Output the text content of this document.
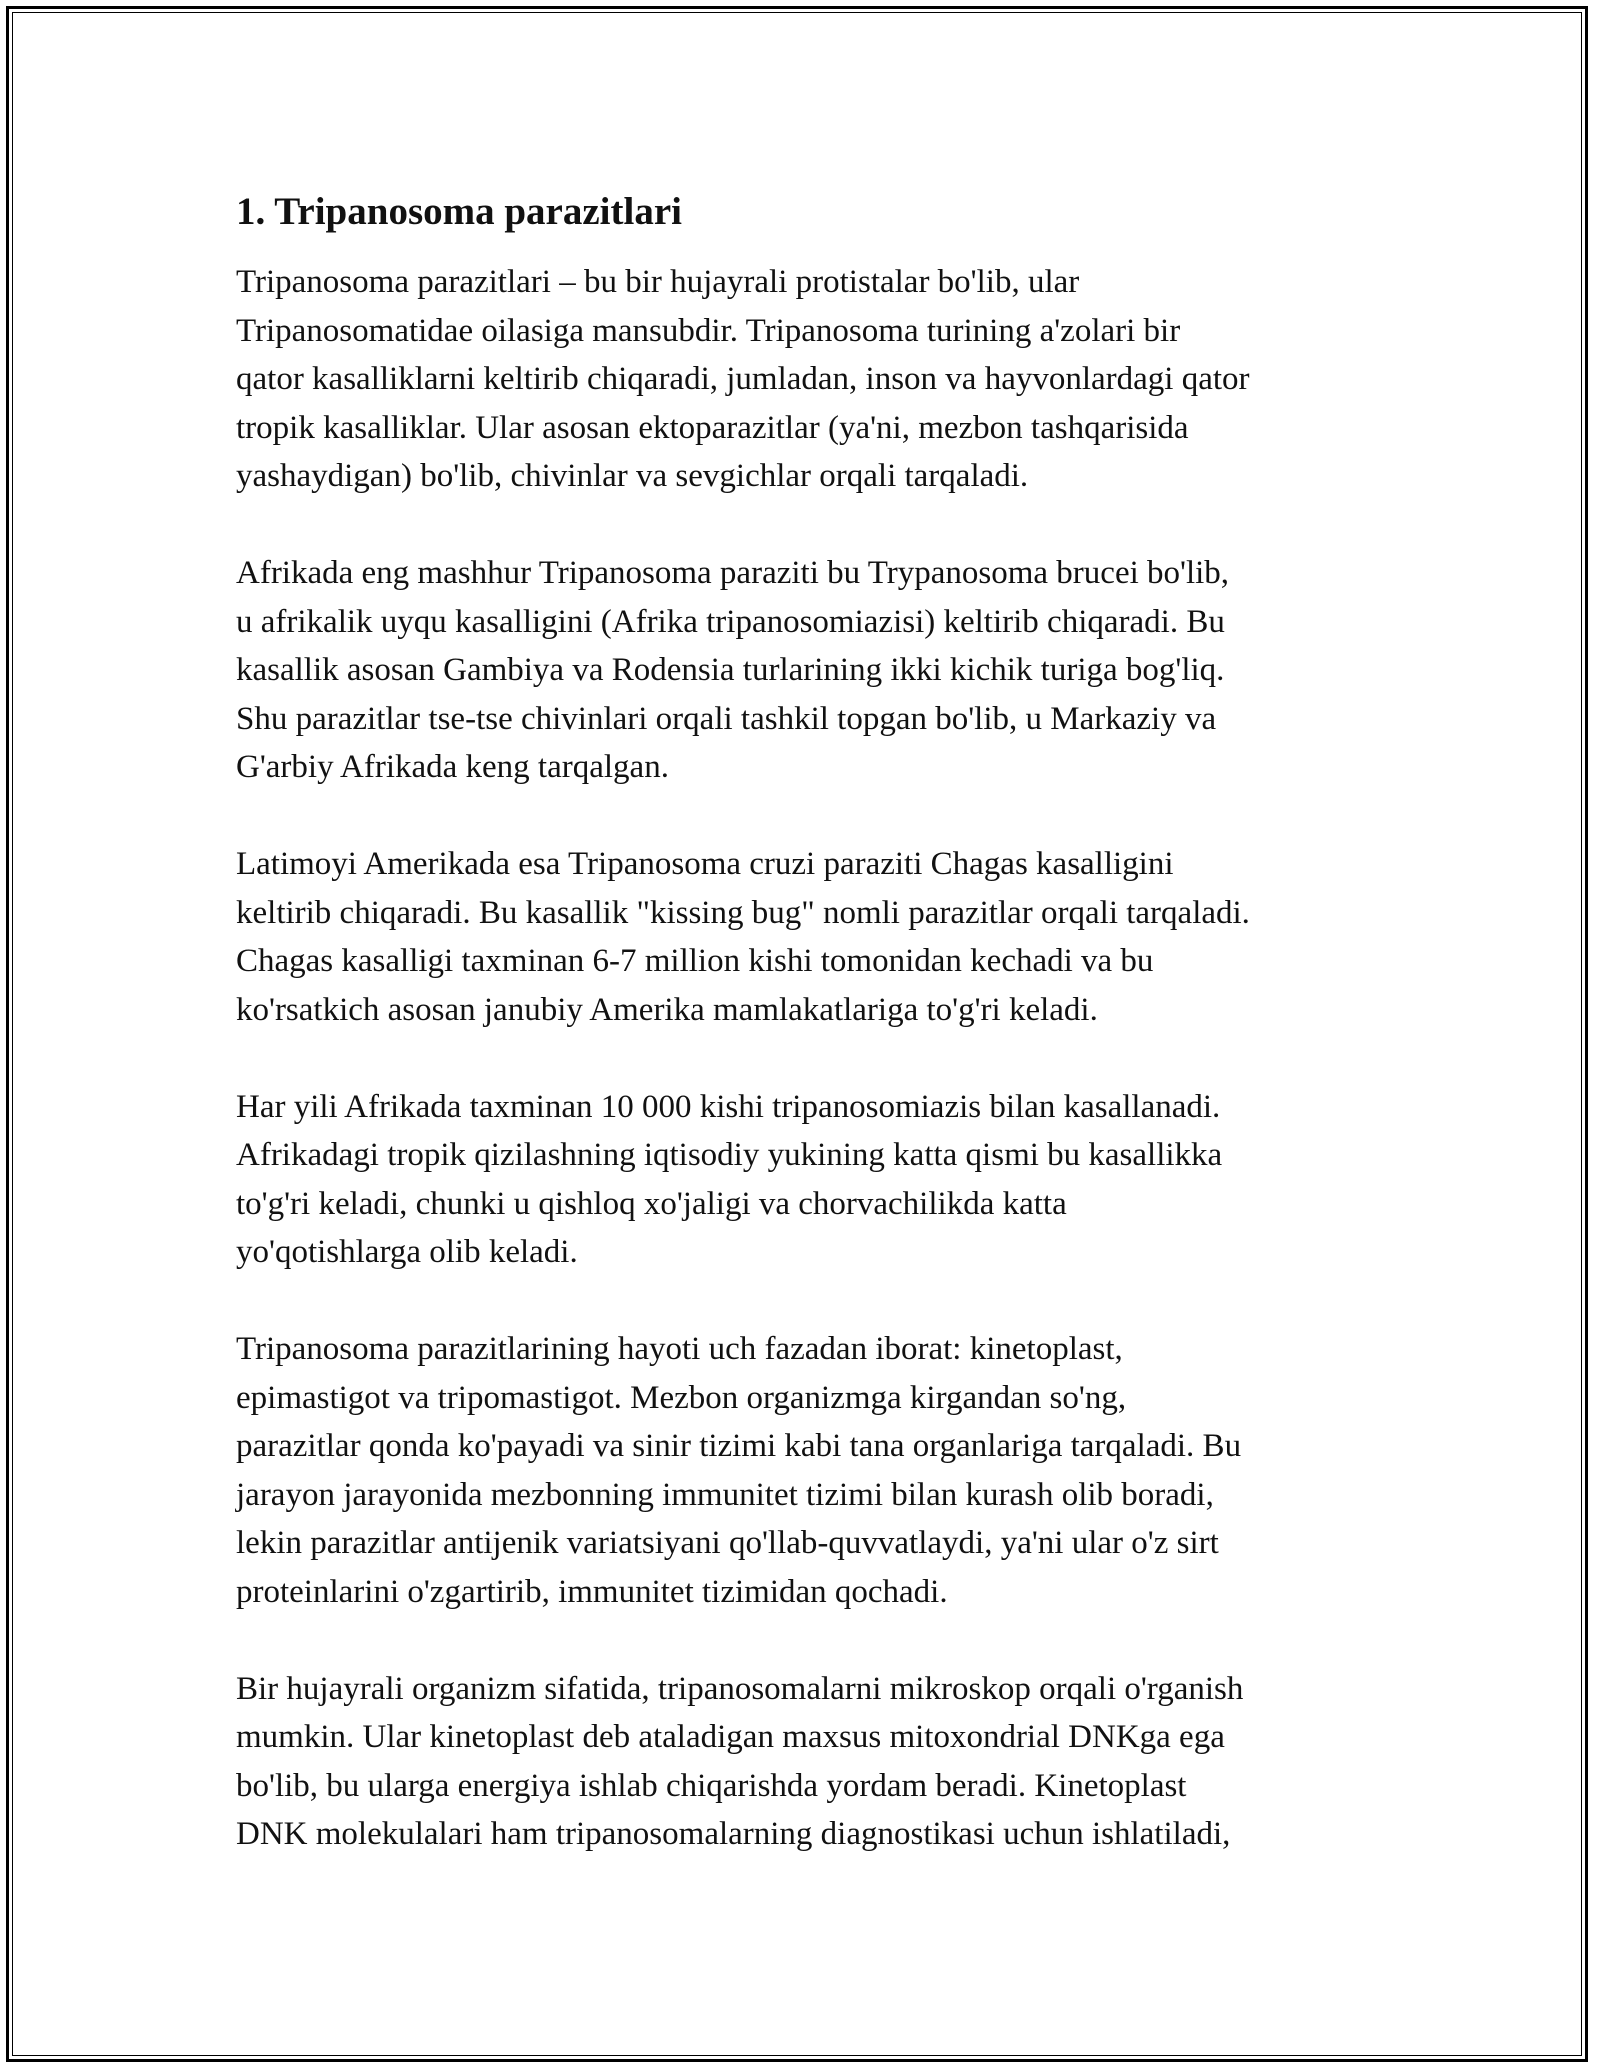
1. Tripanosoma parazitlari
Tripanosoma parazitlari – bu bir hujayrali protistalar bo'lib, ular
Tripanosomatidae oilasiga mansubdir. Tripanosoma turining a'zolari bir
qator kasalliklarni keltirib chiqaradi, jumladan, inson va hayvonlardagi qator
tropik kasalliklar. Ular asosan ektoparazitlar (ya'ni, mezbon tashqarisida
yashaydigan) bo'lib, chivinlar va sevgichlar orqali tarqaladi.
Afrikada eng mashhur Tripanosoma paraziti bu Trypanosoma brucei bo'lib,
u afrikalik uyqu kasalligini (Afrika tripanosomiazisi) keltirib chiqaradi. Bu
kasallik asosan Gambiya va Rodensia turlarining ikki kichik turiga bog'liq.
Shu parazitlar tse-tse chivinlari orqali tashkil topgan bo'lib, u Markaziy va
G'arbiy Afrikada keng tarqalgan.
Latimoyi Amerikada esa Tripanosoma cruzi paraziti Chagas kasalligini
keltirib chiqaradi. Bu kasallik "kissing bug" nomli parazitlar orqali tarqaladi.
Chagas kasalligi taxminan 6-7 million kishi tomonidan kechadi va bu
ko'rsatkich asosan janubiy Amerika mamlakatlariga to'g'ri keladi.
Har yili Afrikada taxminan 10 000 kishi tripanosomiazis bilan kasallanadi.
Afrikadagi tropik qizilashning iqtisodiy yukining katta qismi bu kasallikka
to'g'ri keladi, chunki u qishloq xo'jaligi va chorvachilikda katta
yo'qotishlarga olib keladi.
Tripanosoma parazitlarining hayoti uch fazadan iborat: kinetoplast,
epimastigot va tripomastigot. Mezbon organizmga kirgandan so'ng,
parazitlar qonda ko'payadi va sinir tizimi kabi tana organlariga tarqaladi. Bu
jarayon jarayonida mezbonning immunitet tizimi bilan kurash olib boradi,
lekin parazitlar antijenik variatsiyani qo'llab-quvvatlaydi, ya'ni ular o'z sirt
proteinlarini o'zgartirib, immunitet tizimidan qochadi.
Bir hujayrali organizm sifatida, tripanosomalarni mikroskop orqali o'rganish
mumkin. Ular kinetoplast deb ataladigan maxsus mitoxondrial DNKga ega
bo'lib, bu ularga energiya ishlab chiqarishda yordam beradi. Kinetoplast
DNK molekulalari ham tripanosomalarning diagnostikasi uchun ishlatiladi,
